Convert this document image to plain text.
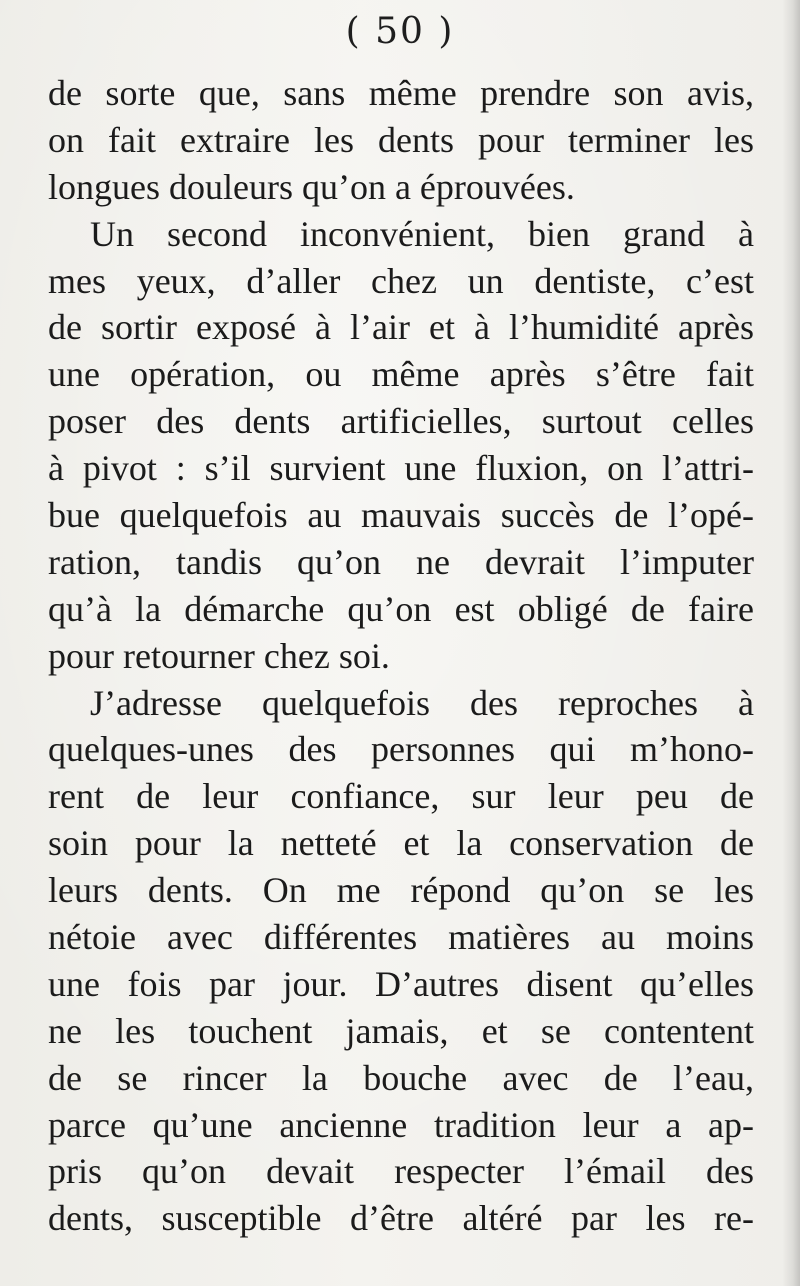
( 50 )
de sorte que, sans même prendre son avis,
on fait extraire les dents pour terminer les
longues douleurs qu’on a éprouvées.
Un second inconvénient, bien grand à
mes yeux, d’aller chez un dentiste, c’est
de sortir exposé à l’air et à l’humidité après
une opération, ou même après s’être fait
poser des dents artificielles, surtout celles
à pivot : s’il survient une fluxion, on l’attri-
bue quelquefois au mauvais succès de l’opé-
ration, tandis qu’on ne devrait l’imputer
qu’à la démarche qu’on est obligé de faire
pour retourner chez soi.
J’adresse quelquefois des reproches à
quelques-unes des personnes qui m’hono-
rent de leur confiance, sur leur peu de
soin pour la netteté et la conservation de
leurs dents. On me répond qu’on se les
nétoie avec différentes matières au moins
une fois par jour. D’autres disent qu’elles
ne les touchent jamais, et se contentent
de se rincer la bouche avec de l’eau,
parce qu’une ancienne tradition leur a ap-
pris qu’on devait respecter l’émail des
dents, susceptible d’être altéré par les re-
